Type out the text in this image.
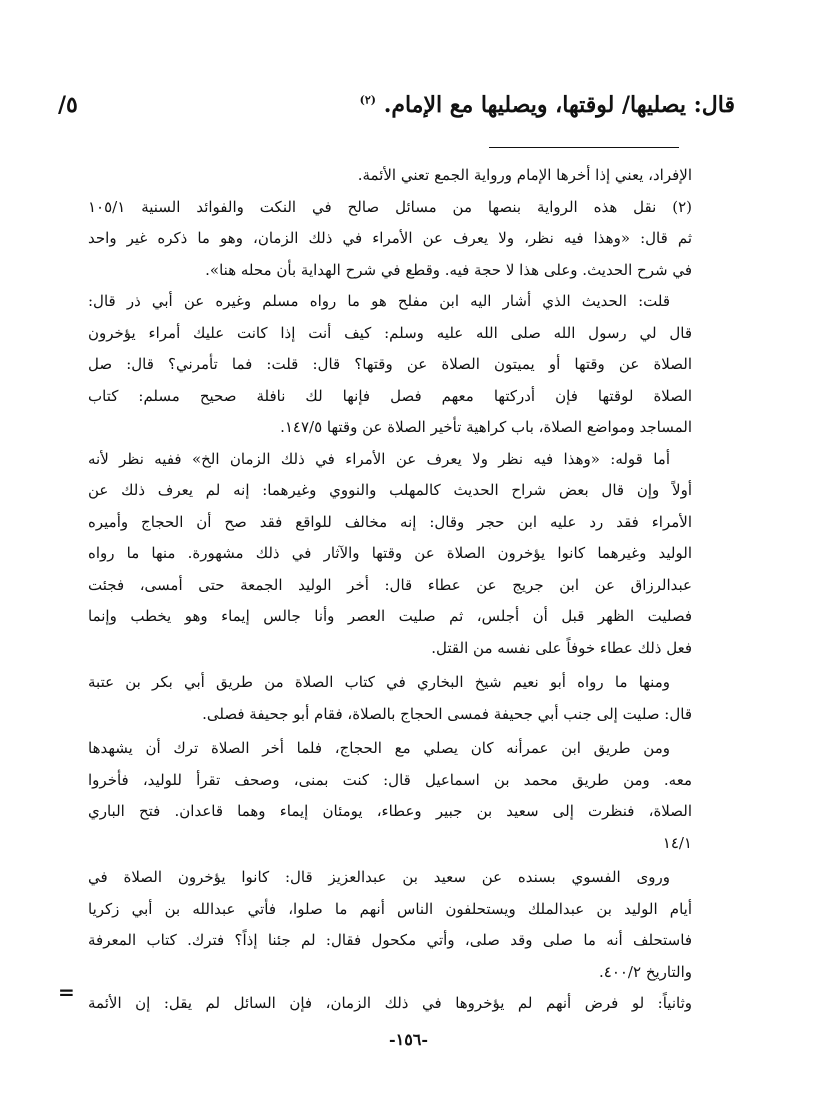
قال: يصليها/ لوقتها، ويصليها مع الإمام. $^{(٢)}$
٥/
الإفراد، يعني إذا أخرها الإمام ورواية الجمع تعني الأئمة.
(٢) نقل هذه الرواية بنصها من مسائل صالح في النكت والفوائد السنية ١٠٥/١
ثم قال: «وهذا فيه نظر، ولا يعرف عن الأمراء في ذلك الزمان، وهو ما ذكره غير واحد
في شرح الحديث. وعلى هذا لا حجة فيه. وقطع في شرح الهداية بأن محله هنا».
قلت: الحديث الذي أشار اليه ابن مفلح هو ما رواه مسلم وغيره عن أبي ذر قال:
قال لي رسول الله صلى الله عليه وسلم: كيف أنت إذا كانت عليك أمراء يؤخرون
الصلاة عن وقتها أو يميتون الصلاة عن وقتها؟ قال: قلت: فما تأمرني؟ قال: صل
الصلاة لوقتها فإن أدركتها معهم فصل فإنها لك نافلة صحيح مسلم: كتاب
المساجد ومواضع الصلاة، باب كراهية تأخير الصلاة عن وقتها ١٤٧/٥.
أما قوله: «وهذا فيه نظر ولا يعرف عن الأمراء في ذلك الزمان الخ» ففيه نظر لأنه
أولاً وإن قال بعض شراح الحديث كالمهلب والنووي وغيرهما: إنه لم يعرف ذلك عن
الأمراء فقد رد عليه ابن حجر وقال: إنه مخالف للواقع فقد صح أن الحجاج وأميره
الوليد وغيرهما كانوا يؤخرون الصلاة عن وقتها والآثار في ذلك مشهورة. منها ما رواه
عبدالرزاق عن ابن جريج عن عطاء قال: أخر الوليد الجمعة حتى أمسى، فجئت
فصليت الظهر قبل أن أجلس، ثم صليت العصر وأنا جالس إيماء وهو يخطب وإنما
فعل ذلك عطاء خوفاً على نفسه من القتل.
ومنها ما رواه أبو نعيم شيخ البخاري في كتاب الصلاة من طريق أبي بكر بن عتبة
قال: صليت إلى جنب أبي جحيفة فمسى الحجاج بالصلاة، فقام أبو جحيفة فصلى.
ومن طريق ابن عمرأنه كان يصلي مع الحجاج، فلما أخر الصلاة ترك أن يشهدها
معه. ومن طريق محمد بن اسماعيل قال: كنت بمنى، وصحف تقرأ للوليد، فأخروا
الصلاة، فنظرت إلى سعيد بن جبير وعطاء، يومئان إيماء وهما قاعدان. فتح الباري
١٤/١
وروى الفسوي بسنده عن سعيد بن عبدالعزيز قال: كانوا يؤخرون الصلاة في
أيام الوليد بن عبدالملك ويستحلفون الناس أنهم ما صلوا، فأتي عبدالله بن أبي زكريا
فاستحلف أنه ما صلى وقد صلى، وأتي مكحول فقال: لم جئنا إذاً؟ فترك. كتاب المعرفة
والتاريخ ٤٠٠/٢.
وثانياً: لو فرض أنهم لم يؤخروها في ذلك الزمان، فإن السائل لم يقل: إن الأئمة
=
-١٥٦-
